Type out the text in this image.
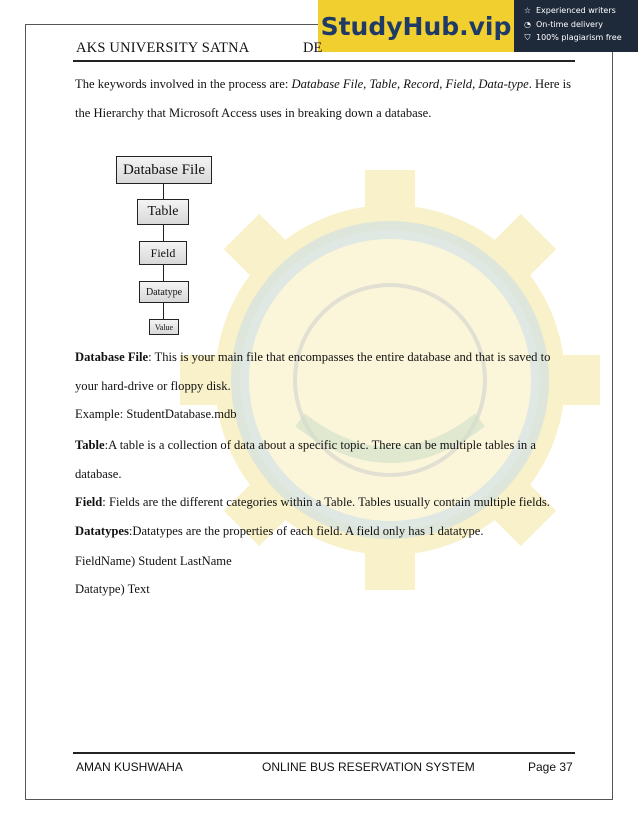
StudyHub.vip
☆ Experienced writers
◔ On-time delivery
⛉ 100% plagiarism free
AKS UNIVERSITY SATNA	DE
The keywords involved in the process are: Database File, Table, Record, Field, Data-type. Here is
the Hierarchy that Microsoft Access uses in breaking down a database.
Database File
Table
Field
Datatype
Value
Database File: This is your main file that encompasses the entire database and that is saved to
your hard-drive or floppy disk.
Example: StudentDatabase.mdb
Table:A table is a collection of data about a specific topic. There can be multiple tables in a
database.
Field: Fields are the different categories within a Table. Tables usually contain multiple fields.
Datatypes:Datatypes are the properties of each field. A field only has 1 datatype.
FieldName) Student LastName
Datatype) Text
AMAN KUSHWAHA	ONLINE BUS RESERVATION SYSTEM	Page 37
